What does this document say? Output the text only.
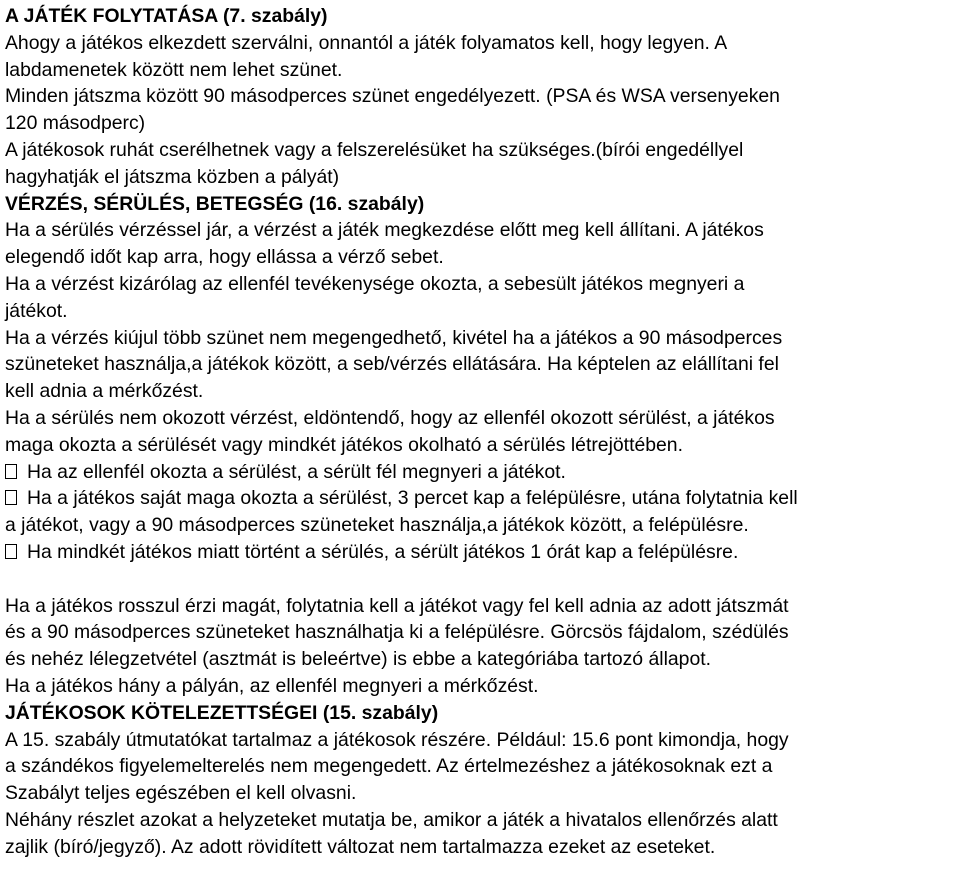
A JÁTÉK FOLYTATÁSA (7. szabály)
Ahogy a játékos elkezdett szerválni, onnantól a játék folyamatos kell, hogy legyen. A
labdamenetek között nem lehet szünet.
Minden játszma között 90 másodperces szünet engedélyezett. (PSA és WSA versenyeken
120 másodperc)
A játékosok ruhát cserélhetnek vagy a felszerelésüket ha szükséges.(bírói engedéllyel
hagyhatják el játszma közben a pályát)
VÉRZÉS, SÉRÜLÉS, BETEGSÉG (16. szabály)
Ha a sérülés vérzéssel jár, a vérzést a játék megkezdése előtt meg kell állítani. A játékos
elegendő időt kap arra, hogy ellássa a vérző sebet.
Ha a vérzést kizárólag az ellenfél tevékenysége okozta, a sebesült játékos megnyeri a
játékot.
Ha a vérzés kiújul több szünet nem megengedhető, kivétel ha a játékos a 90 másodperces
szüneteket használja,a játékok között, a seb/vérzés ellátására. Ha képtelen az elállítani fel
kell adnia a mérkőzést.
Ha a sérülés nem okozott vérzést, eldöntendő, hogy az ellenfél okozott sérülést, a játékos
maga okozta a sérülését vagy mindkét játékos okolható a sérülés létrejöttében.
Ha az ellenfél okozta a sérülést, a sérült fél megnyeri a játékot.
Ha a játékos saját maga okozta a sérülést, 3 percet kap a felépülésre, utána folytatnia kell
a játékot, vagy a 90 másodperces szüneteket használja,a játékok között, a felépülésre.
Ha mindkét játékos miatt történt a sérülés, a sérült játékos 1 órát kap a felépülésre.
Ha a játékos rosszul érzi magát, folytatnia kell a játékot vagy fel kell adnia az adott játszmát
és a 90 másodperces szüneteket használhatja ki a felépülésre. Görcsös fájdalom, szédülés
és nehéz lélegzetvétel (asztmát is beleértve) is ebbe a kategóriába tartozó állapot.
Ha a játékos hány a pályán, az ellenfél megnyeri a mérkőzést.
JÁTÉKOSOK KÖTELEZETTSÉGEI (15. szabály)
A 15. szabály útmutatókat tartalmaz a játékosok részére. Például: 15.6 pont kimondja, hogy
a szándékos figyelemelterelés nem megengedett. Az értelmezéshez a játékosoknak ezt a
Szabályt teljes egészében el kell olvasni.
Néhány részlet azokat a helyzeteket mutatja be, amikor a játék a hivatalos ellenőrzés alatt
zajlik (bíró/jegyző). Az adott rövidített változat nem tartalmazza ezeket az eseteket.
